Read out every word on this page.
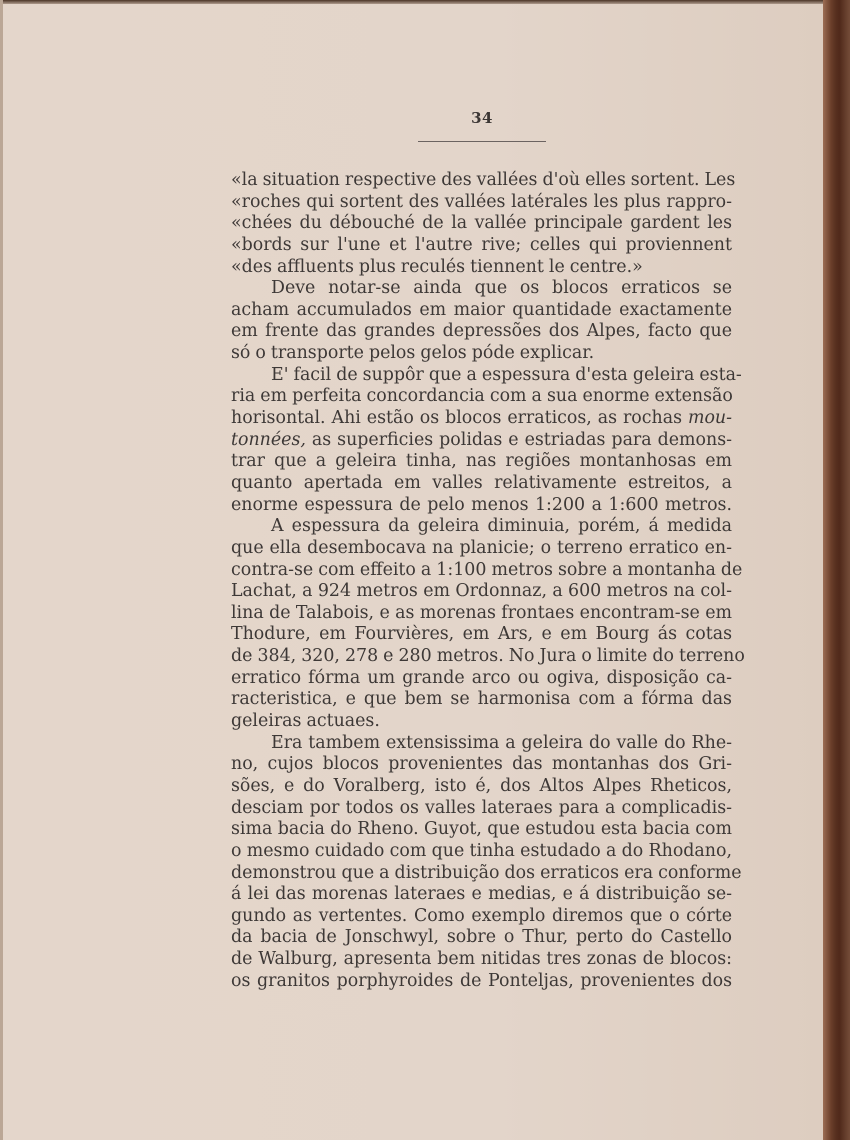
34
«la situation respective des vallées d'où elles sortent. Les
«roches qui sortent des vallées latérales les plus rappro-
«chées du débouché de la vallée principale gardent les
«bords sur l'une et l'autre rive; celles qui proviennent
«des affluents plus reculés tiennent le centre.»
Deve notar-se ainda que os blocos erraticos se
acham accumulados em maior quantidade exactamente
em frente das grandes depressões dos Alpes, facto que
só o transporte pelos gelos póde explicar.
E' facil de suppôr que a espessura d'esta geleira esta-
ria em perfeita concordancia com a sua enorme extensão
horisontal. Ahi estão os blocos erraticos, as rochas mou-
tonnées, as superficies polidas e estriadas para demons-
trar que a geleira tinha, nas regiões montanhosas em
quanto apertada em valles relativamente estreitos, a
enorme espessura de pelo menos 1:200 a 1:600 metros.
A espessura da geleira diminuia, porém, á medida
que ella desembocava na planicie; o terreno erratico en-
contra-se com effeito a 1:100 metros sobre a montanha de
Lachat, a 924 metros em Ordonnaz, a 600 metros na col-
lina de Talabois, e as morenas frontaes encontram-se em
Thodure, em Fourvières, em Ars, e em Bourg ás cotas
de 384, 320, 278 e 280 metros. No Jura o limite do terreno
erratico fórma um grande arco ou ogiva, disposição ca-
racteristica, e que bem se harmonisa com a fórma das
geleiras actuaes.
Era tambem extensissima a geleira do valle do Rhe-
no, cujos blocos provenientes das montanhas dos Gri-
sões, e do Voralberg, isto é, dos Altos Alpes Rheticos,
desciam por todos os valles lateraes para a complicadis-
sima bacia do Rheno. Guyot, que estudou esta bacia com
o mesmo cuidado com que tinha estudado a do Rhodano,
demonstrou que a distribuição dos erraticos era conforme
á lei das morenas lateraes e medias, e á distribuição se-
gundo as vertentes. Como exemplo diremos que o córte
da bacia de Jonschwyl, sobre o Thur, perto do Castello
de Walburg, apresenta bem nitidas tres zonas de blocos:
os granitos porphyroides de Ponteljas, provenientes dos
